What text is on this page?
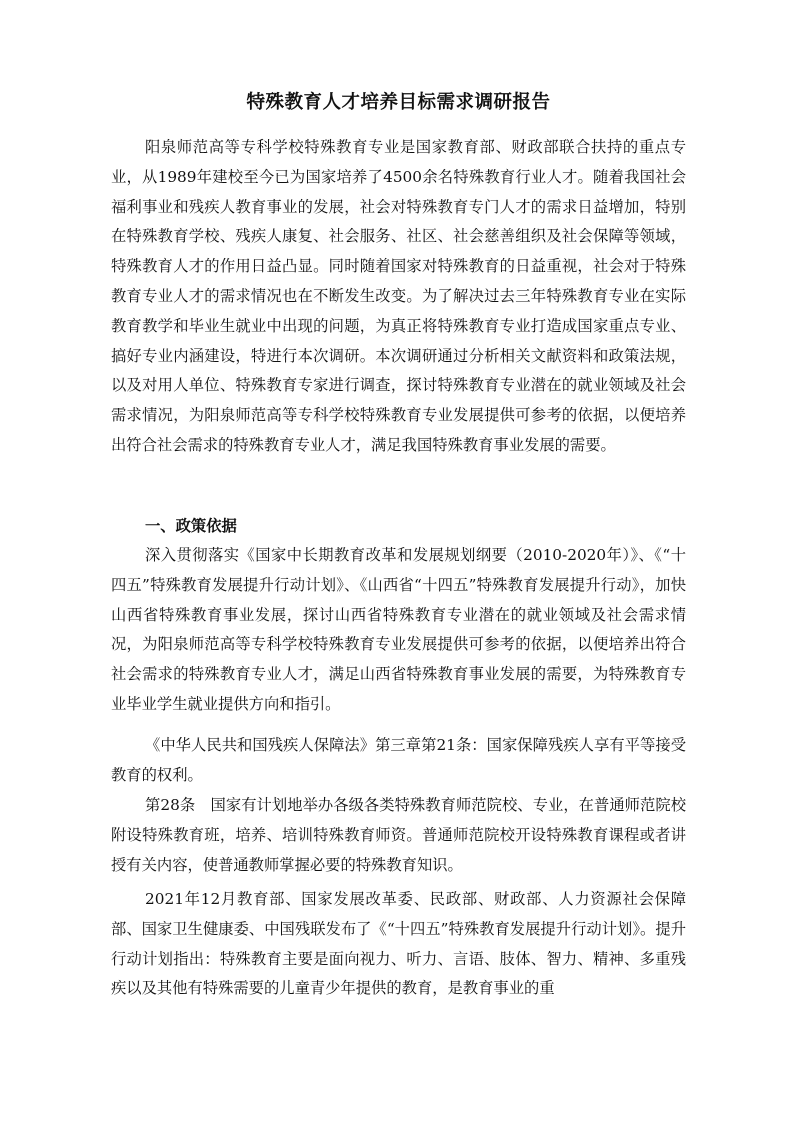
特殊教育人才培养目标需求调研报告

阳泉师范高等专科学校特殊教育专业是国家教育部、财政部联合扶持的重点专业，从1989年建校至今已为国家培养了4500余名特殊教育行业人才。随着我国社会福利事业和残疾人教育事业的发展，社会对特殊教育专门人才的需求日益增加，特别在特殊教育学校、残疾人康复、社会服务、社区、社会慈善组织及社会保障等领域，特殊教育人才的作用日益凸显。同时随着国家对特殊教育的日益重视，社会对于特殊教育专业人才的需求情况也在不断发生改变。为了解决过去三年特殊教育专业在实际教育教学和毕业生就业中出现的问题，为真正将特殊教育专业打造成国家重点专业、搞好专业内涵建设，特进行本次调研。本次调研通过分析相关文献资料和政策法规，以及对用人单位、特殊教育专家进行调查，探讨特殊教育专业潜在的就业领域及社会需求情况，为阳泉师范高等专科学校特殊教育专业发展提供可参考的依据，以便培养出符合社会需求的特殊教育专业人才，满足我国特殊教育事业发展的需要。

一、政策依据

深入贯彻落实《国家中长期教育改革和发展规划纲要（2010-2020年）》、《“十四五”特殊教育发展提升行动计划》、《山西省“十四五”特殊教育发展提升行动》，加快山西省特殊教育事业发展，探讨山西省特殊教育专业潜在的就业领域及社会需求情况，为阳泉师范高等专科学校特殊教育专业发展提供可参考的依据，以便培养出符合社会需求的特殊教育专业人才，满足山西省特殊教育事业发展的需要，为特殊教育专业毕业学生就业提供方向和指引。

《中华人民共和国残疾人保障法》第三章第21条：国家保障残疾人享有平等接受教育的权利。

第28条　国家有计划地举办各级各类特殊教育师范院校、专业，在普通师范院校附设特殊教育班，培养、培训特殊教育师资。普通师范院校开设特殊教育课程或者讲授有关内容，使普通教师掌握必要的特殊教育知识。

2021年12月教育部、国家发展改革委、民政部、财政部、人力资源社会保障部、国家卫生健康委、中国残联发布了《“十四五”特殊教育发展提升行动计划》。提升行动计划指出：特殊教育主要是面向视力、听力、言语、肢体、智力、精神、多重残疾以及其他有特殊需要的儿童青少年提供的教育，是教育事业的重
